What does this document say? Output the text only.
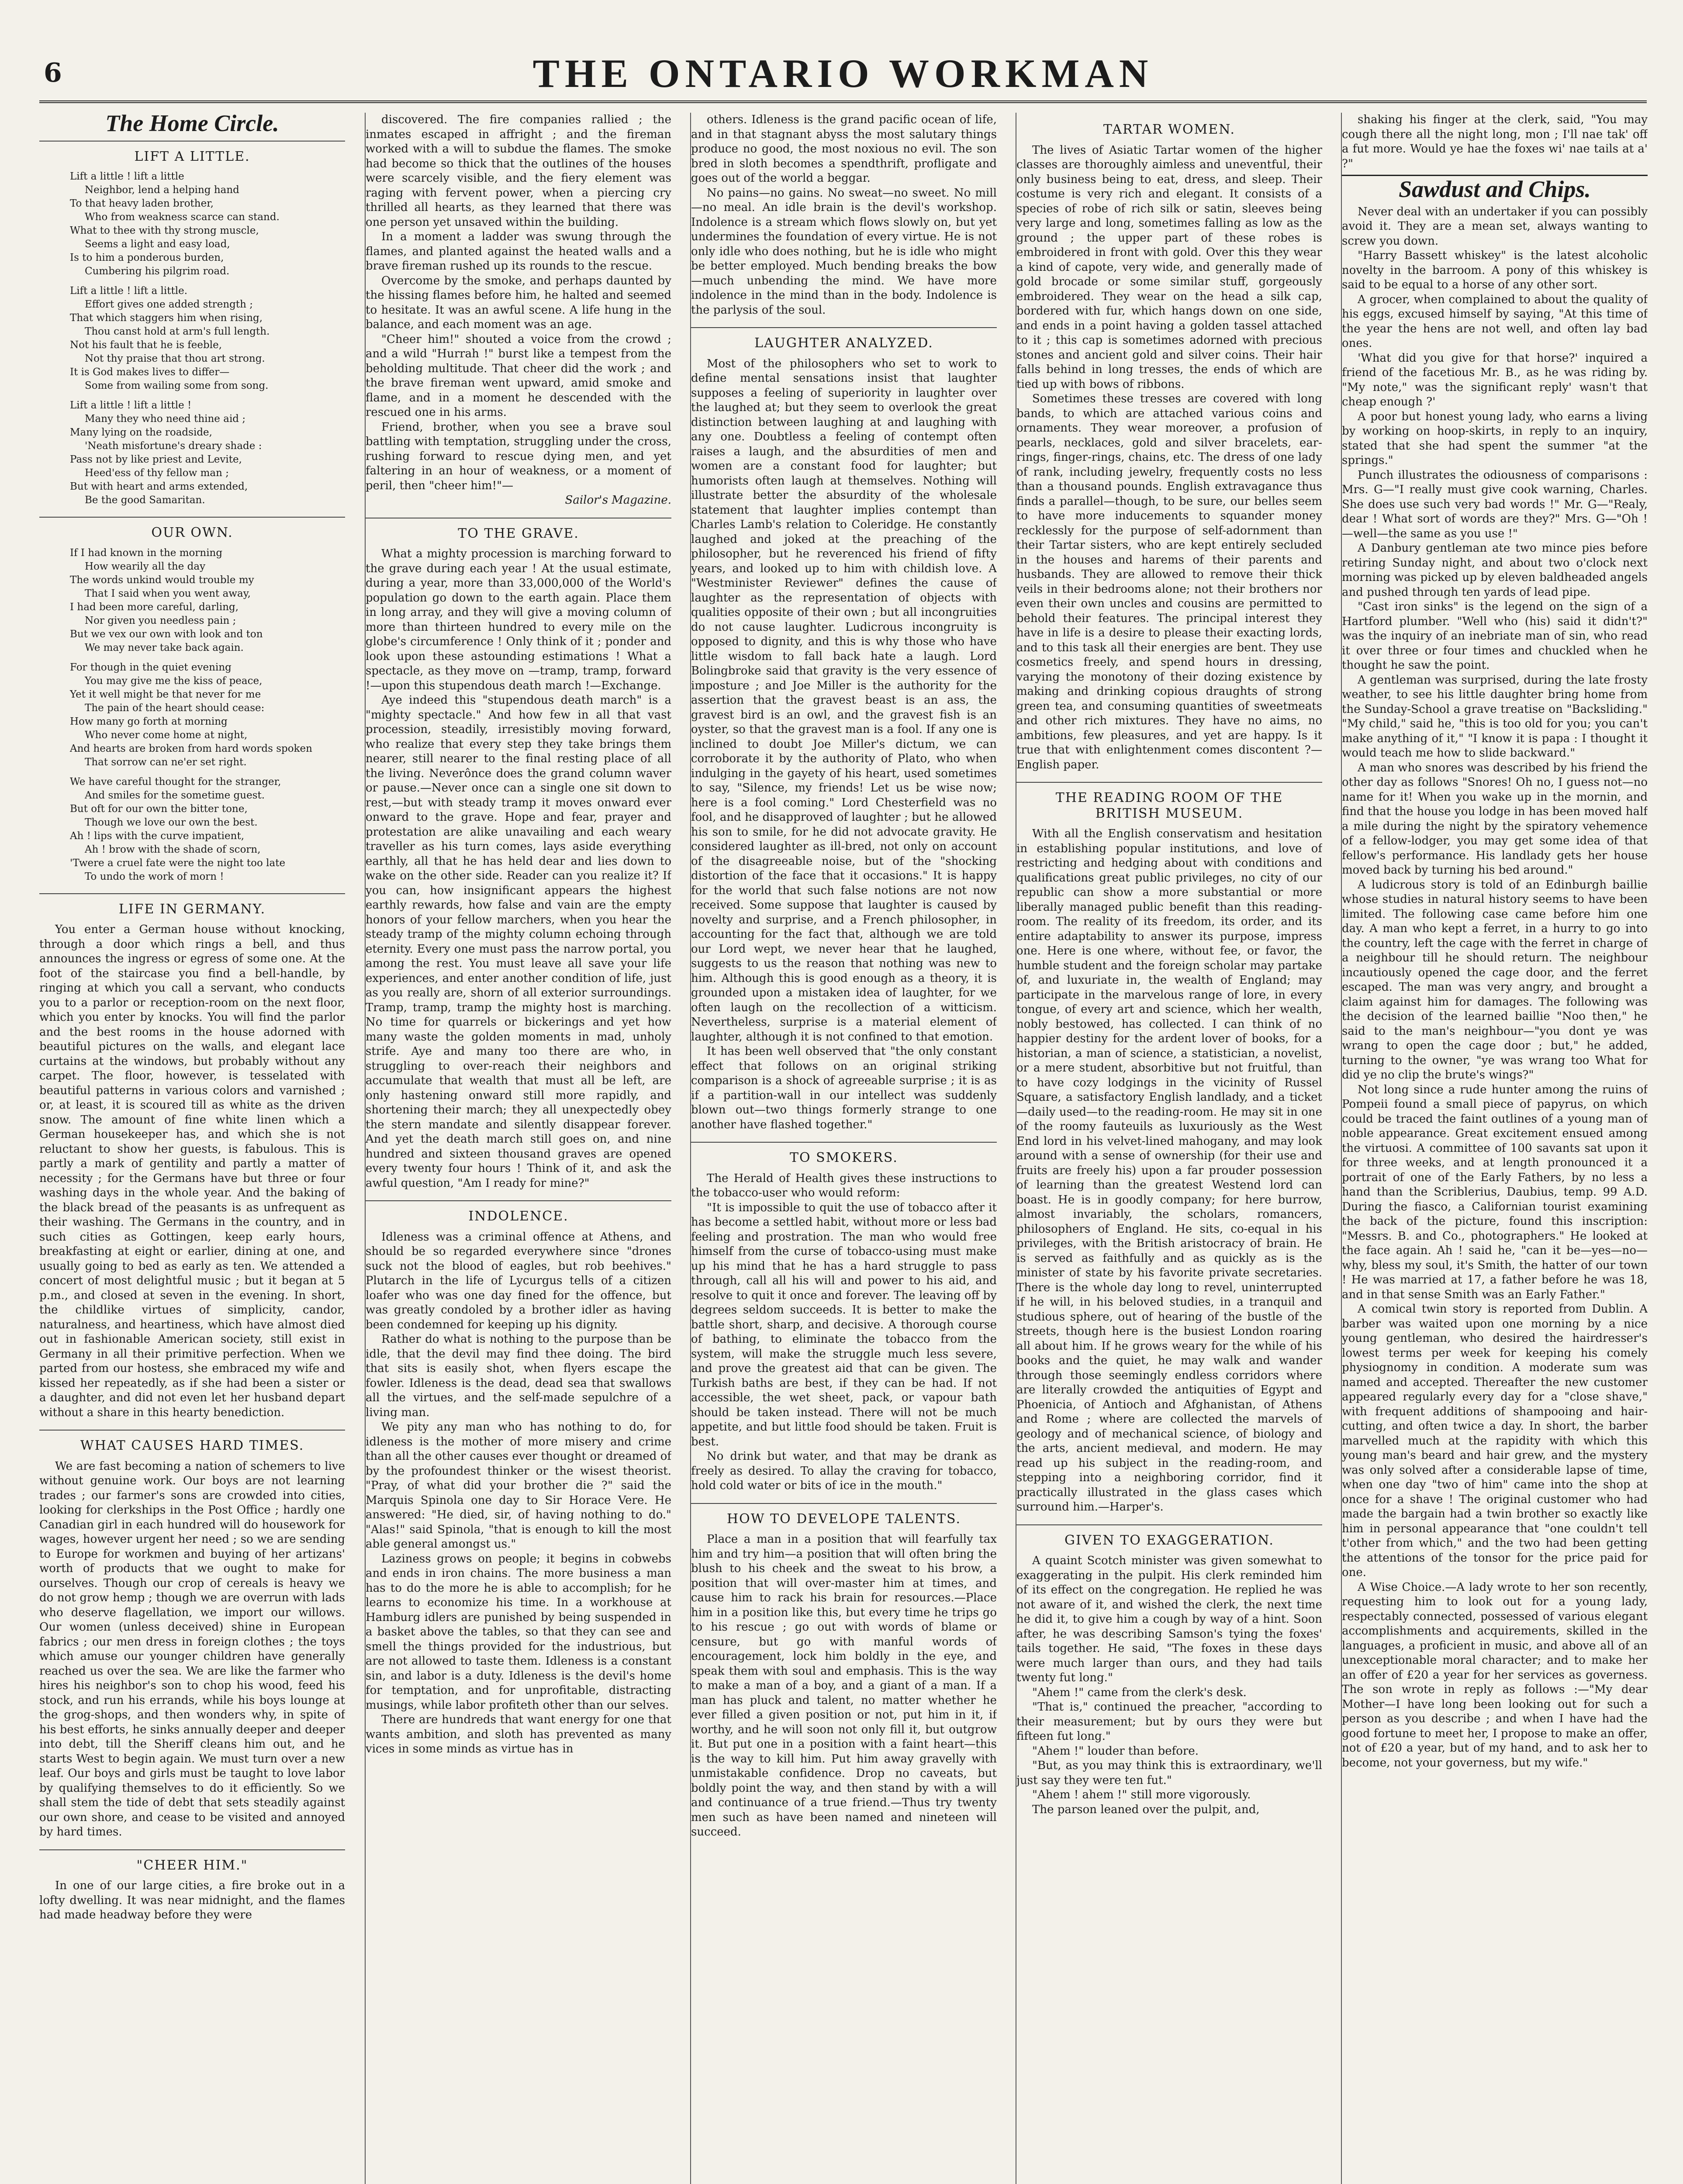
6	THE ONTARIO WORKMAN
The Home Circle.
LIFT A LITTLE.
Lift a little ! lift a little
Neighbor, lend a helping hand
To that heavy laden brother,
Who from weakness scarce can stand.
What to thee with thy strong muscle,
Seems a light and easy load,
Is to him a ponderous burden,
Cumbering his pilgrim road.
Lift a little ! lift a little.
Effort gives one added strength ;
That which staggers him when rising,
Thou canst hold at arm's full length.
Not his fault that he is feeble,
Not thy praise that thou art strong.
It is God makes lives to differ—
Some from wailing some from song.
Lift a little ! lift a little !
Many they who need thine aid ;
Many lying on the roadside,
'Neath misfortune's dreary shade :
Pass not by like priest and Levite,
Heed'ess of thy fellow man ;
But with heart and arms extended,
Be the good Samaritan.
OUR OWN.
If I had known in the morning
How wearily all the day
The words unkind would trouble my
That I said when you went away,
I had been more careful, darling,
Nor given you needless pain ;
But we vex our own with look and ton
We may never take back again.
For though in the quiet evening
You may give me the kiss of peace,
Yet it well might be that never for me
The pain of the heart should cease:
How many go forth at morning
Who never come home at night,
And hearts are broken from hard words spoken
That sorrow can ne'er set right.
We have careful thought for the stranger,
And smiles for the sometime guest.
But oft for our own the bitter tone,
Though we love our own the best.
Ah ! lips with the curve impatient,
Ah ! brow with the shade of scorn,
'Twere a cruel fate were the night too late
To undo the work of morn !
LIFE IN GERMANY.

You enter a German house without knocking, through a door which rings a bell, and thus announces the ingress or egress of some one. At the foot of the staircase you find a bell-handle, by ringing at which you call a servant, who conducts you to a parlor or reception-room on the next floor, which you enter by knocks. You will find the parlor and the best rooms in the house adorned with beautiful pictures on the walls, and elegant lace curtains at the windows, but probably without any carpet. The floor, however, is tesselated with beautiful patterns in various colors and varnished ; or, at least, it is scoured till as white as the driven snow. The amount of fine white linen which a German housekeeper has, and which she is not reluctant to show her guests, is fabulous. This is partly a mark of gentility and partly a matter of necessity ; for the Germans have but three or four washing days in the whole year. And the baking of the black bread of the peasants is as unfrequent as their washing. The Germans in the country, and in such cities as Gottingen, keep early hours, breakfasting at eight or earlier, dining at one, and usually going to bed as early as ten. We attended a concert of most delightful music ; but it began at 5 p.m., and closed at seven in the evening. In short, the childlike virtues of simplicity, candor, naturalness, and heartiness, which have almost died out in fashionable American society, still exist in Germany in all their primitive perfection. When we parted from our hostess, she embraced my wife and kissed her repeatedly, as if she had been a sister or a daughter, and did not even let her husband depart without a share in this hearty benediction.

WHAT CAUSES HARD TIMES.

We are fast becoming a nation of schemers to live without genuine work. Our boys are not learning trades ; our farmer's sons are crowded into cities, looking for clerkships in the Post Office ; hardly one Canadian girl in each hundred will do housework for wages, however urgent her need ; so we are sending to Europe for workmen and buying of her artizans' worth of products that we ought to make for ourselves. Though our crop of cereals is heavy we do not grow hemp ; though we are overrun with lads who deserve flagellation, we import our willows. Our women (unless deceived) shine in European fabrics ; our men dress in foreign clothes ; the toys which amuse our younger children have generally reached us over the sea. We are like the farmer who hires his neighbor's son to chop his wood, feed his stock, and run his errands, while his boys lounge at the grog-shops, and then wonders why, in spite of his best efforts, he sinks annually deeper and deeper into debt, till the Sheriff cleans him out, and he starts West to begin again. We must turn over a new leaf. Our boys and girls must be taught to love labor by qualifying themselves to do it efficiently. So we shall stem the tide of debt that sets steadily against our own shore, and cease to be visited and annoyed by hard times.

"CHEER HIM."

In one of our large cities, a fire broke out in a lofty dwelling. It was near midnight, and the flames had made headway before they were

discovered. The fire companies rallied ; the inmates escaped in affright ; and the fireman worked with a will to subdue the flames. The smoke had become so thick that the outlines of the houses were scarcely visible, and the fiery element was raging with fervent power, when a piercing cry thrilled all hearts, as they learned that there was one person yet unsaved within the building.

In a moment a ladder was swung through the flames, and planted against the heated walls and a brave fireman rushed up its rounds to the rescue.

Overcome by the smoke, and perhaps daunted by the hissing flames before him, he halted and seemed to hesitate. It was an awful scene. A life hung in the balance, and each moment was an age.

"Cheer him!" shouted a voice from the crowd ; and a wild "Hurrah !" burst like a tempest from the beholding multitude. That cheer did the work ; and the brave fireman went upward, amid smoke and flame, and in a moment he descended with the rescued one in his arms.

Friend, brother, when you see a brave soul battling with temptation, struggling under the cross, rushing forward to rescue dying men, and yet faltering in an hour of weakness, or a moment of peril, then "cheer him!"—

Sailor's Magazine.

TO THE GRAVE.

What a mighty procession is marching forward to the grave during each year ! At the usual estimate, during a year, more than 33,000,000 of the World's population go down to the earth again. Place them in long array, and they will give a moving column of more than thirteen hundred to every mile on the globe's circumference ! Only think of it ; ponder and look upon these astounding estimations ! What a spectacle, as they move on —tramp, tramp, forward !—upon this stupendous death march !—Exchange.

Aye indeed this "stupendous death march" is a "mighty spectacle." And how few in all that vast procession, steadily, irresistibly moving forward, who realize that every step they take brings them nearer, still nearer to the final resting place of all the living. Neverônce does the grand column waver or pause.—Never once can a single one sit down to rest,—but with steady tramp it moves onward ever onward to the grave. Hope and fear, prayer and protestation are alike unavailing and each weary traveller as his turn comes, lays aside everything earthly, all that he has held dear and lies down to wake on the other side. Reader can you realize it? If you can, how insignificant appears the highest earthly rewards, how false and vain are the empty honors of your fellow marchers, when you hear the steady tramp of the mighty column echoing through eternity. Every one must pass the narrow portal, you among the rest. You must leave all save your life experiences, and enter another condition of life, just as you really are, shorn of all exterior surroundings. Tramp, tramp, tramp the mighty host is marching. No time for quarrels or bickerings and yet how many waste the golden moments in mad, unholy strife. Aye and many too there are who, in struggling to over-reach their neighbors and accumulate that wealth that must all be left, are only hastening onward still more rapidly, and shortening their march; they all unexpectedly obey the stern mandate and silently disappear forever. And yet the death march still goes on, and nine hundred and sixteen thousand graves are opened every twenty four hours ! Think of it, and ask the awful question, "Am I ready for mine?"

INDOLENCE.

Idleness was a criminal offence at Athens, and should be so regarded everywhere since "drones suck not the blood of eagles, but rob beehives." Plutarch in the life of Lycurgus tells of a citizen loafer who was one day fined for the offence, but was greatly condoled by a brother idler as having been condemned for keeping up his dignity.

Rather do what is nothing to the purpose than be idle, that the devil may find thee doing. The bird that sits is easily shot, when flyers escape the fowler. Idleness is the dead, dead sea that swallows all the virtues, and the self-made sepulchre of a living man.

We pity any man who has nothing to do, for idleness is the mother of more misery and crime than all the other causes ever thought or dreamed of by the profoundest thinker or the wisest theorist. "Pray, of what did your brother die ?" said the Marquis Spinola one day to Sir Horace Vere. He answered: "He died, sir, of having nothing to do." "Alas!" said Spinola, "that is enough to kill the most able general amongst us."

Laziness grows on people; it begins in cobwebs and ends in iron chains. The more business a man has to do the more he is able to accomplish; for he learns to economize his time. In a workhouse at Hamburg idlers are punished by being suspended in a basket above the tables, so that they can see and smell the things provided for the industrious, but are not allowed to taste them. Idleness is a constant sin, and labor is a duty. Idleness is the devil's home for temptation, and for unprofitable, distracting musings, while labor profiteth other than our selves.

There are hundreds that want energy for one that wants ambition, and sloth has prevented as many vices in some minds as virtue has in

others. Idleness is the grand pacific ocean of life, and in that stagnant abyss the most salutary things produce no good, the most noxious no evil. The son bred in sloth becomes a spendthrift, profligate and goes out of the world a beggar.

No pains—no gains. No sweat—no sweet. No mill—no meal. An idle brain is the devil's workshop. Indolence is a stream which flows slowly on, but yet undermines the foundation of every virtue. He is not only idle who does nothing, but he is idle who might be better employed. Much bending breaks the bow—much unbending the mind. We have more indolence in the mind than in the body. Indolence is the parlysis of the soul.

LAUGHTER ANALYZED.

Most of the philosophers who set to work to define mental sensations insist that laughter supposes a feeling of superiority in laughter over the laughed at; but they seem to overlook the great distinction between laughing at and laughing with any one. Doubtless a feeling of contempt often raises a laugh, and the absurdities of men and women are a constant food for laughter; but humorists often laugh at themselves. Nothing will illustrate better the absurdity of the wholesale statement that laughter implies contempt than Charles Lamb's relation to Coleridge. He constantly laughed and joked at the preaching of the philosopher, but he reverenced his friend of fifty years, and looked up to him with childish love. A "Westminister Reviewer" defines the cause of laughter as the representation of objects with qualities opposite of their own ; but all incongruities do not cause laughter. Ludicrous incongruity is opposed to dignity, and this is why those who have little wisdom to fall back hate a laugh. Lord Bolingbroke said that gravity is the very essence of imposture ; and Joe Miller is the authority for the assertion that the gravest beast is an ass, the gravest bird is an owl, and the gravest fish is an oyster, so that the gravest man is a fool. If any one is inclined to doubt Joe Miller's dictum, we can corroborate it by the authority of Plato, who when indulging in the gayety of his heart, used sometimes to say, "Silence, my friends! Let us be wise now; here is a fool coming." Lord Chesterfield was no fool, and he disapproved of laughter ; but he allowed his son to smile, for he did not advocate gravity. He considered laughter as ill-bred, not only on account of the disagreeable noise, but of the "shocking distortion of the face that it occasions." It is happy for the world that such false notions are not now received. Some suppose that laughter is caused by novelty and surprise, and a French philosopher, in accounting for the fact that, although we are told our Lord wept, we never hear that he laughed, suggests to us the reason that nothing was new to him. Although this is good enough as a theory, it is grounded upon a mistaken idea of laughter, for we often laugh on the recollection of a witticism. Nevertheless, surprise is a material element of laughter, although it is not confined to that emotion.

It has been well observed that "the only constant effect that follows on an original striking comparison is a shock of agreeable surprise ; it is as if a partition-wall in our intellect was suddenly blown out—two things formerly strange to one another have flashed together."

TO SMOKERS.

The Herald of Health gives these instructions to the tobacco-user who would reform:

"It is impossible to quit the use of tobacco after it has become a settled habit, without more or less bad feeling and prostration. The man who would free himself from the curse of tobacco-using must make up his mind that he has a hard struggle to pass through, call all his will and power to his aid, and resolve to quit it once and forever. The leaving off by degrees seldom succeeds. It is better to make the battle short, sharp, and decisive. A thorough course of bathing, to eliminate the tobacco from the system, will make the struggle much less severe, and prove the greatest aid that can be given. The Turkish baths are best, if they can be had. If not accessible, the wet sheet, pack, or vapour bath should be taken instead. There will not be much appetite, and but little food should be taken. Fruit is best.

No drink but water, and that may be drank as freely as desired. To allay the craving for tobacco, hold cold water or bits of ice in the mouth."

HOW TO DEVELOPE TALENTS.

Place a man in a position that will fearfully tax him and try him—a position that will often bring the blush to his cheek and the sweat to his brow, a position that will over-master him at times, and cause him to rack his brain for resources.—Place him in a position like this, but every time he trips go to his rescue ; go out with words of blame or censure, but go with manful words of encouragement, lock him boldly in the eye, and speak them with soul and emphasis. This is the way to make a man of a boy, and a giant of a man. If a man has pluck and talent, no matter whether he ever filled a given position or not, put him in it, if worthy, and he will soon not only fill it, but outgrow it. But put one in a position with a faint heart—this is the way to kill him. Put him away gravelly with unmistakable confidence. Drop no caveats, but boldly point the way, and then stand by with a will and continuance of a true friend.—Thus try twenty men such as have been named and nineteen will succeed.

TARTAR WOMEN.

The lives of Asiatic Tartar women of the higher classes are thoroughly aimless and uneventful, their only business being to eat, dress, and sleep. Their costume is very rich and elegant. It consists of a species of robe of rich silk or satin, sleeves being very large and long, sometimes falling as low as the ground ; the upper part of these robes is embroidered in front with gold. Over this they wear a kind of capote, very wide, and generally made of gold brocade or some similar stuff, gorgeously embroidered. They wear on the head a silk cap, bordered with fur, which hangs down on one side, and ends in a point having a golden tassel attached to it ; this cap is sometimes adorned with precious stones and ancient gold and silver coins. Their hair falls behind in long tresses, the ends of which are tied up with bows of ribbons.

Sometimes these tresses are covered with long bands, to which are attached various coins and ornaments. They wear moreover, a profusion of pearls, necklaces, gold and silver bracelets, ear-rings, finger-rings, chains, etc. The dress of one lady of rank, including jewelry, frequently costs no less than a thousand pounds. English extravagance thus finds a parallel—though, to be sure, our belles seem to have more inducements to squander money recklessly for the purpose of self-adornment than their Tartar sisters, who are kept entirely secluded in the houses and harems of their parents and husbands. They are allowed to remove their thick veils in their bedrooms alone; not their brothers nor even their own uncles and cousins are permitted to behold their features. The principal interest they have in life is a desire to please their exacting lords, and to this task all their energies are bent. They use cosmetics freely, and spend hours in dressing, varying the monotony of their dozing existence by making and drinking copious draughts of strong green tea, and consuming quantities of sweetmeats and other rich mixtures. They have no aims, no ambitions, few pleasures, and yet are happy. Is it true that with enlightenment comes discontent ?—English paper.

THE READING ROOM OF THE
BRITISH MUSEUM.

With all the English conservatism and hesitation in establishing popular institutions, and love of restricting and hedging about with conditions and qualifications great public privileges, no city of our republic can show a more substantial or more liberally managed public benefit than this reading-room. The reality of its freedom, its order, and its entire adaptability to answer its purpose, impress one. Here is one where, without fee, or favor, the humble student and the foreign scholar may partake of, and luxuriate in, the wealth of England; may participate in the marvelous range of lore, in every tongue, of every art and science, which her wealth, nobly bestowed, has collected. I can think of no happier destiny for the ardent lover of books, for a historian, a man of science, a statistician, a novelist, or a mere student, absorbitive but not fruitful, than to have cozy lodgings in the vicinity of Russel Square, a satisfactory English landlady, and a ticket—daily used—to the reading-room. He may sit in one of the roomy fauteuils as luxuriously as the West End lord in his velvet-lined mahogany, and may look around with a sense of ownership (for their use and fruits are freely his) upon a far prouder possession of learning than the greatest Westend lord can boast. He is in goodly company; for here burrow, almost invariably, the scholars, romancers, philosophers of England. He sits, co-equal in his privileges, with the British aristocracy of brain. He is served as faithfully and as quickly as is the minister of state by his favorite private secretaries. There is the whole day long to revel, uninterrupted if he will, in his beloved studies, in a tranquil and studious sphere, out of hearing of the bustle of the streets, though here is the busiest London roaring all about him. If he grows weary for the while of his books and the quiet, he may walk and wander through those seemingly endless corridors where are literally crowded the antiquities of Egypt and Phoenicia, of Antioch and Afghanistan, of Athens and Rome ; where are collected the marvels of geology and of mechanical science, of biology and the arts, ancient medieval, and modern. He may read up his subject in the reading-room, and stepping into a neighboring corridor, find it practically illustrated in the glass cases which surround him.—Harper's.

GIVEN TO EXAGGERATION.

A quaint Scotch minister was given somewhat to exaggerating in the pulpit. His clerk reminded him of its effect on the congregation. He replied he was not aware of it, and wished the clerk, the next time he did it, to give him a cough by way of a hint. Soon after, he was describing Samson's tying the foxes' tails together. He said, "The foxes in these days were much larger than ours, and they had tails twenty fut long."

"Ahem !" came from the clerk's desk.

"That is," continued the preacher, "according to their measurement; but by ours they were but fifteen fut long."

"Ahem !" louder than before.

"But, as you may think this is extraordinary, we'll just say they were ten fut."

"Ahem ! ahem !" still more vigorously.

The parson leaned over the pulpit, and,

shaking his finger at the clerk, said, "You may cough there all the night long, mon ; I'll nae tak' off a fut more. Would ye hae the foxes wi' nae tails at a' ?"

Sawdust and Chips.

Never deal with an undertaker if you can possibly avoid it. They are a mean set, always wanting to screw you down.

"Harry Bassett whiskey" is the latest alcoholic novelty in the barroom. A pony of this whiskey is said to be equal to a horse of any other sort.

A grocer, when complained to about the quality of his eggs, excused himself by saying, "At this time of the year the hens are not well, and often lay bad ones.

'What did you give for that horse?' inquired a friend of the facetious Mr. B., as he was riding by. "My note," was the significant reply' wasn't that cheap enough ?'

A poor but honest young lady, who earns a living by working on hoop-skirts, in reply to an inquiry, stated that she had spent the summer "at the springs."

Punch illustrates the odiousness of comparisons : Mrs. G—"I really must give cook warning, Charles. She does use such very bad words !" Mr. G—"Realy, dear ! What sort of words are they?" Mrs. G—"Oh !—well—the same as you use !"

A Danbury gentleman ate two mince pies before retiring Sunday night, and about two o'clock next morning was picked up by eleven baldheaded angels and pushed through ten yards of lead pipe.

"Cast iron sinks" is the legend on the sign of a Hartford plumber. "Well who (his) said it didn't?" was the inquiry of an inebriate man of sin, who read it over three or four times and chuckled when he thought he saw the point.

A gentleman was surprised, during the late frosty weather, to see his little daughter bring home from the Sunday-School a grave treatise on "Backsliding." "My child," said he, "this is too old for you; you can't make anything of it," "I know it is papa : I thought it would teach me how to slide backward."

A man who snores was described by his friend the other day as follows "Snores! Oh no, I guess not—no name for it! When you wake up in the mornin, and find that the house you lodge in has been moved half a mile during the night by the spiratory vehemence of a fellow-lodger, you may get some idea of that fellow's performance. His landlady gets her house moved back by turning his bed around."

A ludicrous story is told of an Edinburgh baillie whose studies in natural history seems to have been limited. The following case came before him one day. A man who kept a ferret, in a hurry to go into the country, left the cage with the ferret in charge of a neighbour till he should return. The neighbour incautiously opened the cage door, and the ferret escaped. The man was very angry, and brought a claim against him for damages. The following was the decision of the learned baillie "Noo then," he said to the man's neighbour—"you dont ye was wrang to open the cage door ; but," he added, turning to the owner, "ye was wrang too What for did ye no clip the brute's wings?"

Not long since a rude hunter among the ruins of Pompeii found a small piece of papyrus, on which could be traced the faint outlines of a young man of noble appearance. Great excitement ensued among the virtuosi. A committee of 100 savants sat upon it for three weeks, and at length pronounced it a portrait of one of the Early Fathers, by no less a hand than the Scriblerius, Daubius, temp. 99 A.D. During the fiasco, a Californian tourist examining the back of the picture, found this inscription: "Messrs. B. and Co., photographers." He looked at the face again. Ah ! said he, "can it be—yes—no—why, bless my soul, it's Smith, the hatter of our town ! He was married at 17, a father before he was 18, and in that sense Smith was an Early Father."

A comical twin story is reported from Dublin. A barber was waited upon one morning by a nice young gentleman, who desired the hairdresser's lowest terms per week for keeping his comely physiognomy in condition. A moderate sum was named and accepted. Thereafter the new customer appeared regularly every day for a "close shave," with frequent additions of shampooing and hair-cutting, and often twice a day. In short, the barber marvelled much at the rapidity with which this young man's beard and hair grew, and the mystery was only solved after a considerable lapse of time, when one day "two of him" came into the shop at once for a shave ! The original customer who had made the bargain had a twin brother so exactly like him in personal appearance that "one couldn't tell t'other from which," and the two had been getting the attentions of the tonsor for the price paid for one.

A Wise Choice.—A lady wrote to her son recently, requesting him to look out for a young lady, respectably connected, possessed of various elegant accomplishments and acquirements, skilled in the languages, a proficient in music, and above all of an unexceptionable moral character; and to make her an offer of £20 a year for her services as governess. The son wrote in reply as follows :—"My dear Mother—I have long been looking out for such a person as you describe ; and when I have had the good fortune to meet her, I propose to make an offer, not of £20 a year, but of my hand, and to ask her to become, not your governess, but my wife."
